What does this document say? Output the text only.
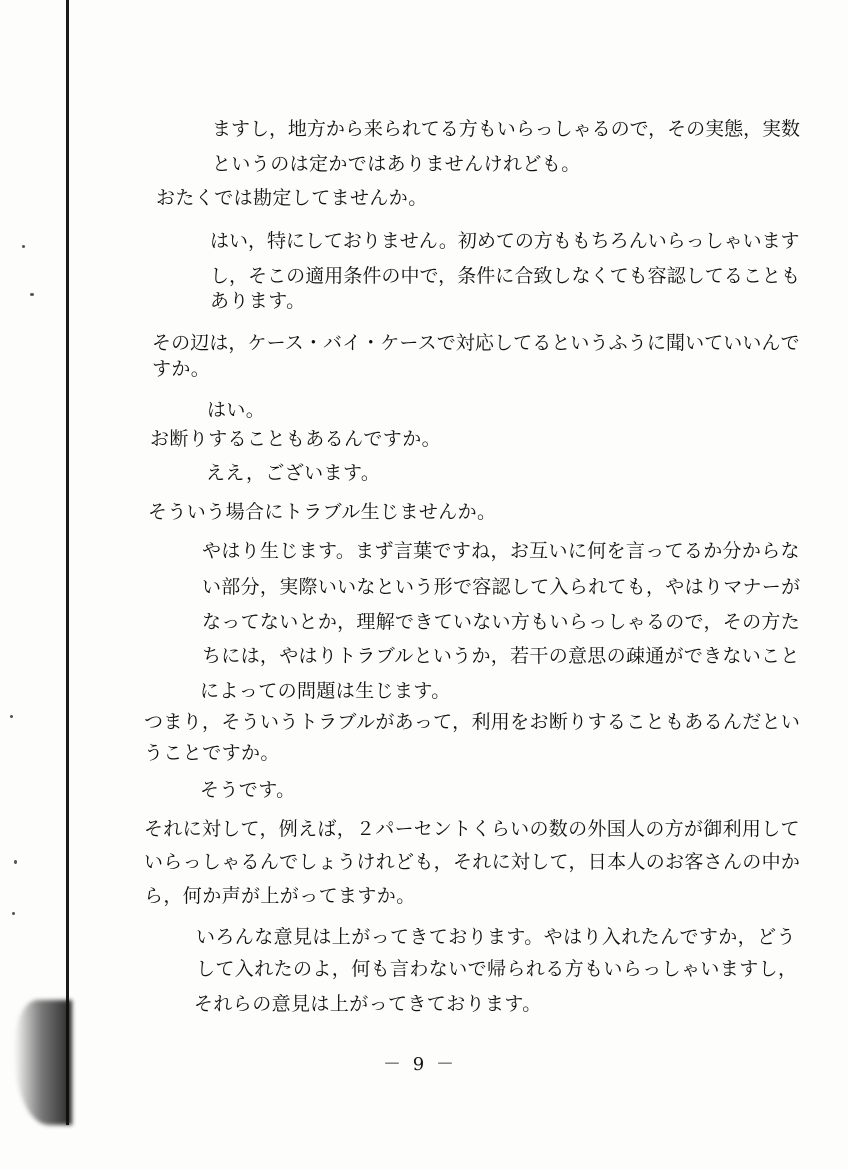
ますし，地方から来られてる方もいらっしゃるので，その実態，実数
というのは定かではありませんけれども。
おたくでは勘定してませんか。
はい，特にしておりません。初めての方ももちろんいらっしゃいます
し，そこの適用条件の中で，条件に合致しなくても容認してることも
あります。
その辺は，ケース・バイ・ケースで対応してるというふうに聞いていいんで
すか。
はい。
お断りすることもあるんですか。
ええ，ございます。
そういう場合にトラブル生じませんか。
やはり生じます。まず言葉ですね，お互いに何を言ってるか分からな
い部分，実際いいなという形で容認して入られても，やはりマナーが
なってないとか，理解できていない方もいらっしゃるので，その方た
ちには，やはりトラブルというか，若干の意思の疎通ができないこと
によっての問題は生じます。
つまり，そういうトラブルがあって，利用をお断りすることもあるんだとい
うことですか。
そうです。
それに対して，例えば，２パーセントくらいの数の外国人の方が御利用して
いらっしゃるんでしょうけれども，それに対して，日本人のお客さんの中か
ら，何か声が上がってますか。
いろんな意見は上がってきております。やはり入れたんですか，どう
して入れたのよ，何も言わないで帰られる方もいらっしゃいますし，
それらの意見は上がってきております。
－ 9 －
